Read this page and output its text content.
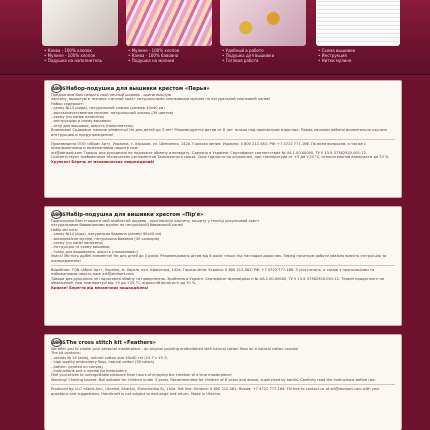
• Канва - 100% хлопок
• Мулине - 100% хлопок
• Подушка на наполнитель
• Мулине - 100% хлопок
• Канва - 100% бавовна
• Подушка на молнии
• Удобный в работе
• Подушка для вышивки
• Готовая работа
• Схема вышивки
• Инструкция
• Нитки мулине
ABRIS Набор-подушка для вышивки крестом «Перья»
Предлагаем Вам создать свой личный шедевр - оригинальную
картину, вышитую в технике счетный крест натуральными хлопковыми мулине на натуральной хлопковой канве!
Набор содержит:
- канву №14 (аида), натуральный хлопок (размер 40х40 см)
- высококачественное мулине, натуральный хлопок (39 цветов)
- схему (на канве нанесено)
- инструкцию и схему вышивки
- иглу для вышивки, шерсть (наполнитель)
Внимание! Содержит мелкие элементы! Не для детей до 3 лет! Рекомендуется детям от 8 лет только под присмотром взрослых. Перед началом работы внимательно изучите инструкцию и предупреждения!
Произведено ООО «Абрис Арт», Украина, г. Харьков, ул. Шевченко, 142а. Горячая линия: Украина: 0 800 212-581; РФ: +7 4722 777-166. По всем вопросам, а также с предложениями и пожеланиями пишите нам:
art@abrisart.com Товары для рукоделия не подлежат обмену и возврату. Сделано в Украине. Сертификат соответствия № UA.1.00.00000, ТУ У 13.9-37362920-001:12. Соответствует требованиям технических регламентов Таможенного союза. Срок годности не ограничен, при температуре от +5 до +25 °С, относительной влажности до 70 %.
Хрупкое! Беречь от механических повреждений!
ABRIS Набір-подушка для вишивки хрестом «Пір'я»
Пропонуємо Вам створити свій особистий шедевр - оригінальну картину, вишиту у техніці рахунковий хрест
натуральними бавовняними муліне на натуральній бавовняній канві!
Набір містить:
- канву №14 (аїда), натуральна бавовна (розмір 40х40 см)
- високоякісне муліне, натуральна бавовна (39 кольорів)
- схему (на канві нанесено)
- інструкцію та схему вишивки
- голку для вишивання, шерсть (наповнювач)
Увага! Містить дрібні елементи! Не для дітей до 3 років. Рекомендовано дітям від 8 років тільки під наглядом дорослих. Перед початком роботи уважно вивчіть інструкцію та попередження!
Виробник: ТОВ «Абріс Арт», Україна, м. Харків, вул. Шевченка, 142а. Гаряча лінія: Україна: 0 800 212-581; РФ: +7 4722 777-166. З усіх питань, а також з пропозиціями та побажаннями пишіть нам: art@abrisart.com
Товари для рукоділля не підлягають обміну та поверненню. Зроблено в Україні. Сертифікат відповідності № UA.1.00.00000, ТУ У 13.9-37362920-001:12. Термін придатності не обмежений, при температурі від +5 до +25 °С, відносній вологості до 70 %.
Крихке! Берегти від механічних пошкоджень!
ABRIS The cross stitch kit «Feathers»
We offer you to create your personal masterpiece - an original painting embroidered with natural cotton floss on a natural cotton canvas!
The kit contains:
- canvas № 14 (aida), natural cotton size 40х40 cm (15.7 x 15.7)
- high-quality embroidery floss, natural cotton (39 colors)
- pattern (printed on canvas)
- instructions and a needle for embroidery
Feel yourselves to unforgettable pleasure from hours of enjoying the creation of a true masterpiece!
Warning! Choking hazard. Not suitable for children under 3 years. Recommended for children of 8 years and above, supervised by adults. Carefully read the instructions before use.
Produced by: LLC «Abris Art», Ukraine, Kharkiv, Shevchenko St, 142a. Hot line: Ukraine: 0 800 212-581; Russia: +7 4722 777-166. Fill free to contact us at art@abrisart.com with your questions and suggestions. Handicraft is not subject to exchange and return. Made in Ukraine.
